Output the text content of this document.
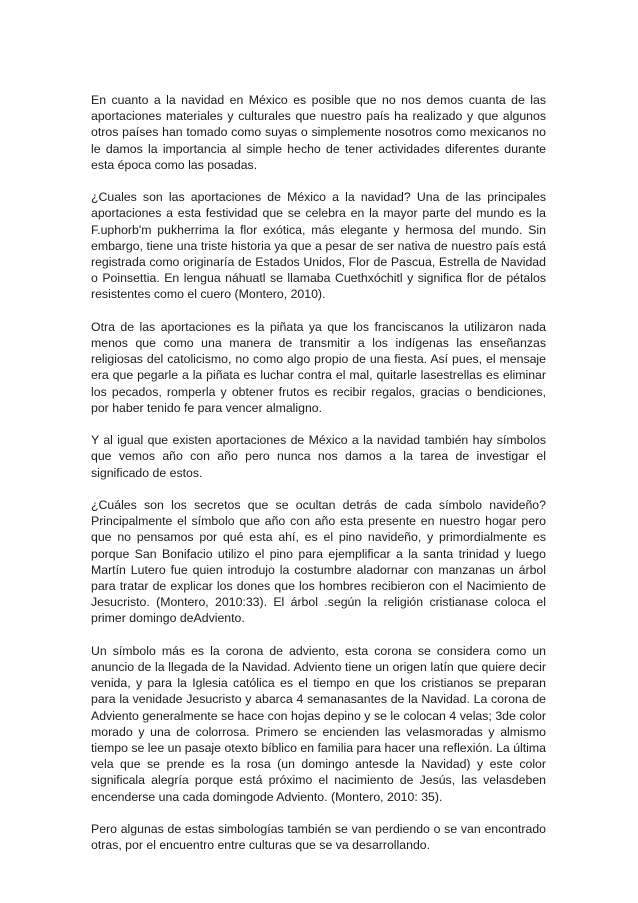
En cuanto a la navidad en México es posible que no nos demos cuanta de las aportaciones materiales y culturales que nuestro país ha realizado y que algunos otros países han tomado como suyas o simplemente nosotros como mexicanos no le damos la importancia al simple hecho de tener actividades diferentes durante esta época como las posadas.

¿Cuales son las aportaciones de México a la navidad? Una de las principales aportaciones a esta festividad que se celebra en la mayor parte del mundo es la F.uphorb'm pukherrima la flor exótica, más elegante y hermosa del mundo. Sin embargo, tiene una triste historia ya que a pesar de ser nativa de nuestro país está registrada como originaría de Estados Unidos, Flor de Pascua, Estrella de Navidad o Poinsettia. En lengua náhuatl se llamaba Cuethxóchitl y significa flor de pétalos resistentes como el cuero (Montero, 2010).

Otra de las aportaciones es la piñata ya que los franciscanos la utilizaron nada menos que como una manera de transmitir a los indígenas las enseñanzas religiosas del catolicismo, no como algo propio de una fiesta. Así pues, el mensaje era que pegarle a la piñata es luchar contra el mal, quitarle lasestrellas es eliminar los pecados, romperla y obtener frutos es recibir regalos, gracias o bendiciones, por haber tenido fe para vencer almaligno.

Y al igual que existen aportaciones de México a la navidad también hay símbolos que vemos año con año pero nunca nos damos a la tarea de investigar el significado de estos.

¿Cuáles son los secretos que se ocultan detrás de cada símbolo navideño? Principalmente el símbolo que año con año esta presente en nuestro hogar pero que no pensamos por qué esta ahí, es el pino navideño, y primordialmente es porque San Bonifacio utilizo el pino para ejemplificar a la santa trinidad y luego Martín Lutero fue quien introdujo la costumbre aladornar con manzanas un árbol para tratar de explicar los dones que los hombres recibieron con el Nacimiento de Jesucristo. (Montero, 2010:33). El árbol .según la religión cristianase coloca el primer domingo deAdviento.

Un símbolo más es la corona de adviento, esta corona se considera como un anuncio de la llegada de la Navidad. Adviento tiene un origen latín que quiere decir venida, y para la Iglesia católica es el tiempo en que los cristianos se preparan para la venidade Jesucristo y abarca 4 semanasantes de la Navidad. La corona de Adviento generalmente se hace con hojas depino y se le colocan 4 velas; 3de color morado y una de colorrosa. Primero se encienden las velasmoradas y almismo tiempo se lee un pasaje otexto bíblico en familia para hacer una reflexión. La última vela que se prende es la rosa (un domingo antesde la Navidad) y este color significala alegría porque está próximo el nacimiento de Jesús, las velasdeben encenderse una cada domingode Adviento. (Montero, 2010: 35).

Pero algunas de estas simbologías también se van perdiendo o se van encontrado otras, por el encuentro entre culturas que se va desarrollando.
